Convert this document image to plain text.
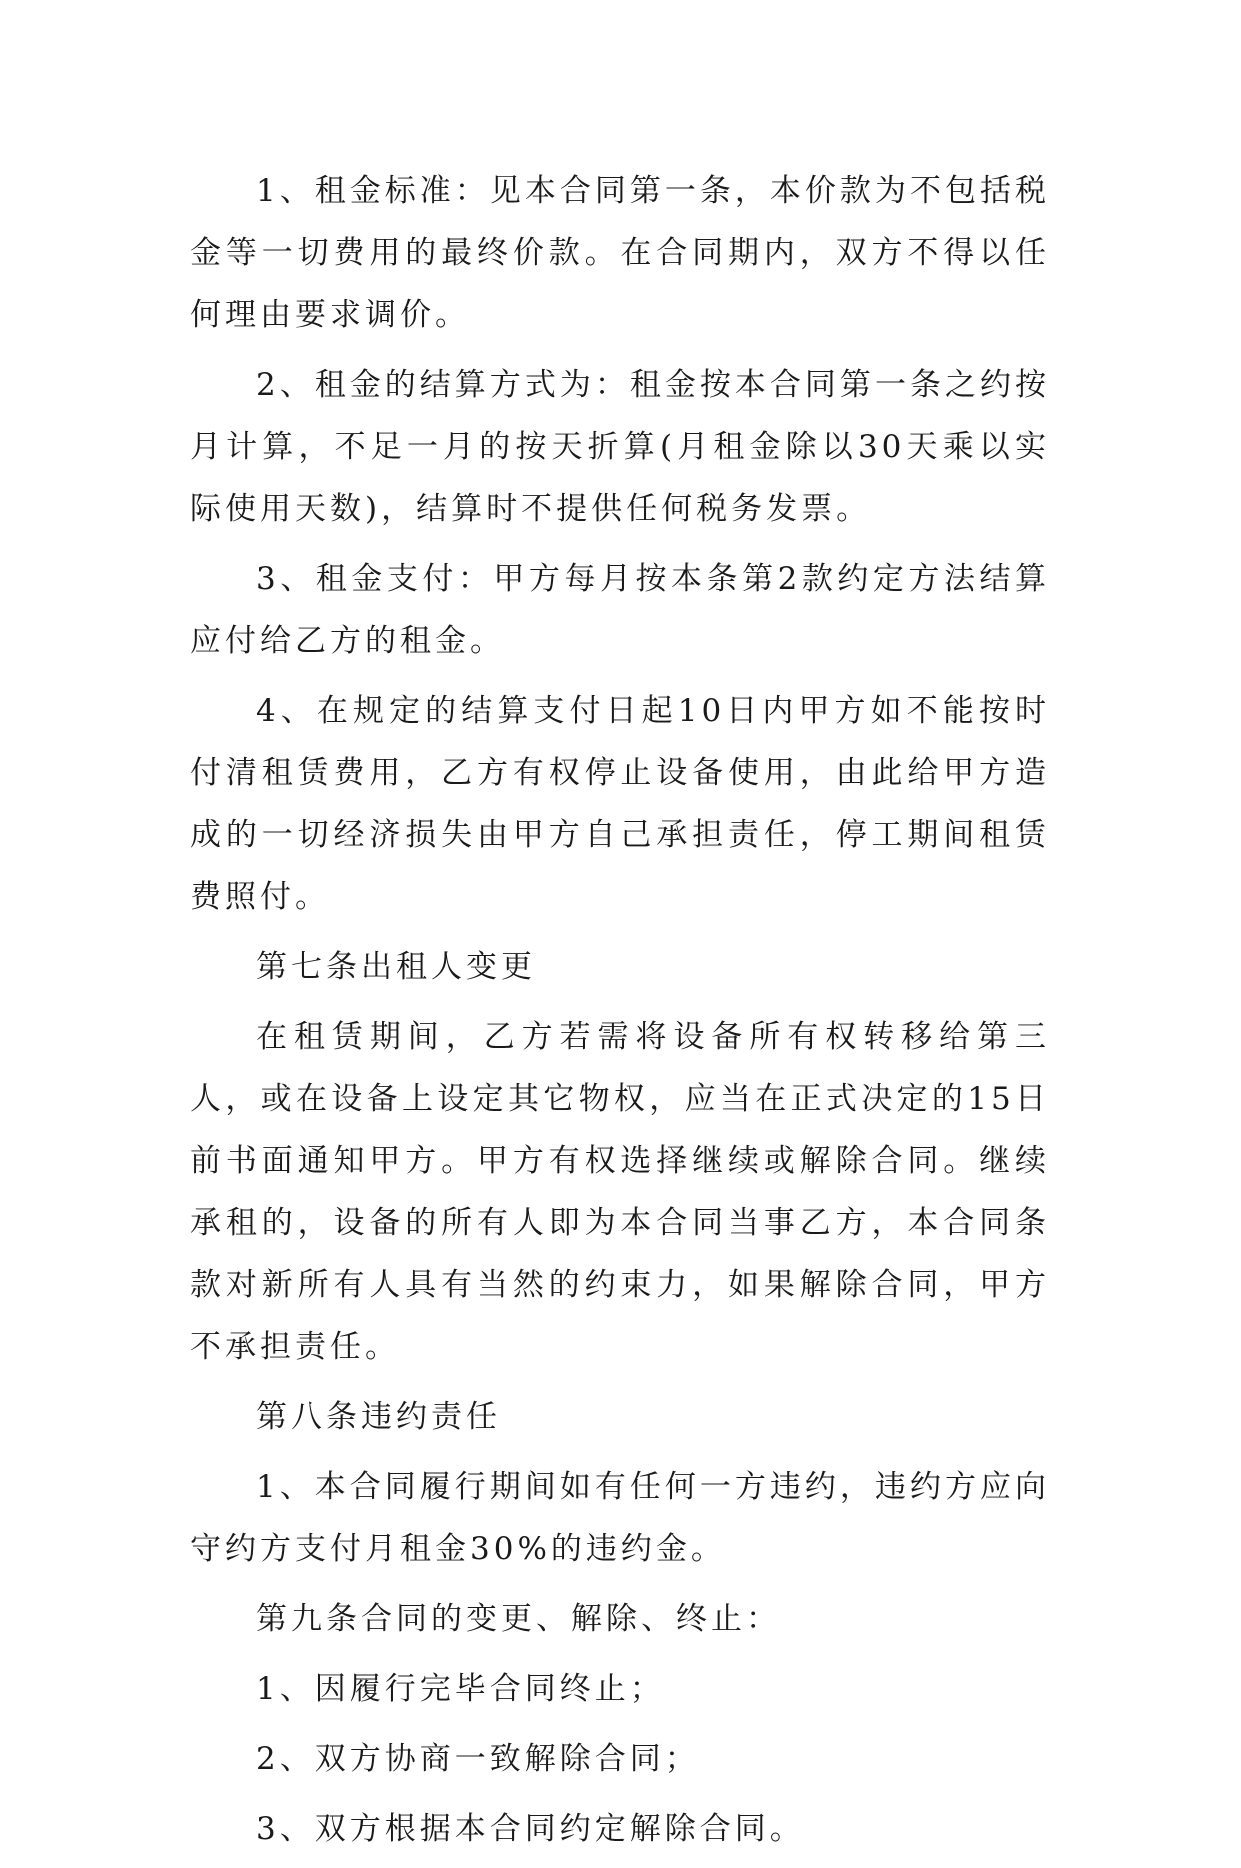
1、租金标准：见本合同第一条，本价款为不包括税金等一切费用的最终价款。在合同期内，双方不得以任何理由要求调价。

2、租金的结算方式为：租金按本合同第一条之约按月计算，不足一月的按天折算(月租金除以30天乘以实际使用天数)，结算时不提供任何税务发票。

3、租金支付：甲方每月按本条第2款约定方法结算应付给乙方的租金。

4、在规定的结算支付日起10日内甲方如不能按时付清租赁费用，乙方有权停止设备使用，由此给甲方造成的一切经济损失由甲方自己承担责任，停工期间租赁费照付。

第七条出租人变更

在租赁期间，乙方若需将设备所有权转移给第三人，或在设备上设定其它物权，应当在正式决定的15日前书面通知甲方。甲方有权选择继续或解除合同。继续承租的，设备的所有人即为本合同当事乙方，本合同条款对新所有人具有当然的约束力，如果解除合同，甲方不承担责任。

第八条违约责任

1、本合同履行期间如有任何一方违约，违约方应向守约方支付月租金30%的违约金。

第九条合同的变更、解除、终止：

1、因履行完毕合同终止；

2、双方协商一致解除合同；

3、双方根据本合同约定解除合同。
